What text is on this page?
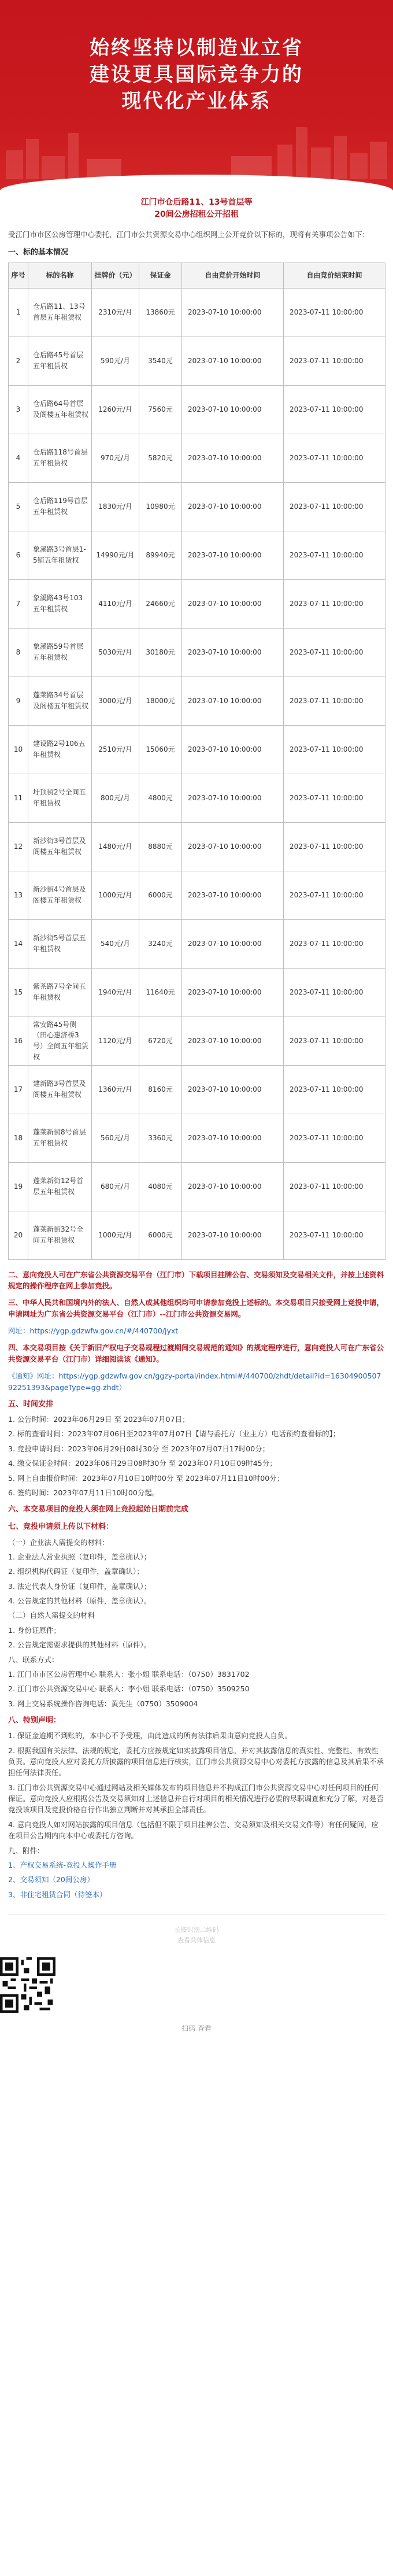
始终坚持以制造业立省
建设更具国际竞争力的
现代化产业体系
江门市仓后路11、13号首层等
20间公房招租公开招租

受江门市市区公房管理中心委托，江门市公共资源交易中心组织网上公开竞价以下标的，现将有关事项公告如下：

一、标的基本情况
序号	标的名称	挂牌价（元）	保证金	自由竞价开始时间	自由竞价结束时间
1	仓后路11、13号首层五年租赁权	2310元/月	13860元	2023-07-10 10:00:00	2023-07-11 10:00:00
2	仓后路45号首层五年租赁权	590元/月	3540元	2023-07-10 10:00:00	2023-07-11 10:00:00
3	仓后路64号首层及阁楼五年租赁权	1260元/月	7560元	2023-07-10 10:00:00	2023-07-11 10:00:00
4	仓后路118号首层五年租赁权	970元/月	5820元	2023-07-10 10:00:00	2023-07-11 10:00:00
5	仓后路119号首层五年租赁权	1830元/月	10980元	2023-07-10 10:00:00	2023-07-11 10:00:00
6	象溪路3号首层1-5铺五年租赁权	14990元/月	89940元	2023-07-10 10:00:00	2023-07-11 10:00:00
7	象溪路43号103五年租赁权	4110元/月	24660元	2023-07-10 10:00:00	2023-07-11 10:00:00
8	象溪路59号首层五年租赁权	5030元/月	30180元	2023-07-10 10:00:00	2023-07-11 10:00:00
9	蓬莱路34号首层及阁楼五年租赁权	3000元/月	18000元	2023-07-10 10:00:00	2023-07-11 10:00:00
10	建设路2号106五年租赁权	2510元/月	15060元	2023-07-10 10:00:00	2023-07-11 10:00:00
11	圩顶街2号全间五年租赁权	800元/月	4800元	2023-07-10 10:00:00	2023-07-11 10:00:00
12	新沙街3号首层及阁楼五年租赁权	1480元/月	8880元	2023-07-10 10:00:00	2023-07-11 10:00:00
13	新沙街4号首层及阁楼五年租赁权	1000元/月	6000元	2023-07-10 10:00:00	2023-07-11 10:00:00
14	新沙街5号首层五年租赁权	540元/月	3240元	2023-07-10 10:00:00	2023-07-11 10:00:00
15	紫茶路7号全间五年租赁权	1940元/月	11640元	2023-07-10 10:00:00	2023-07-11 10:00:00
16	常安路45号侧（田心惠济桥3号）全间五年租赁权	1120元/月	6720元	2023-07-10 10:00:00	2023-07-11 10:00:00
17	建新路3号首层及阁楼五年租赁权	1360元/月	8160元	2023-07-10 10:00:00	2023-07-11 10:00:00
18	蓬莱新街8号首层五年租赁权	560元/月	3360元	2023-07-10 10:00:00	2023-07-11 10:00:00
19	蓬莱新街12号首层五年租赁权	680元/月	4080元	2023-07-10 10:00:00	2023-07-11 10:00:00
20	蓬莱新街32号全间五年租赁权	1000元/月	6000元	2023-07-10 10:00:00	2023-07-11 10:00:00

二、意向竞投人可在广东省公共资源交易平台（江门市）下载项目挂牌公告、交易须知及交易相关文件，并按上述资料规定的操作程序在网上参加竞投。

三、中华人民共和国境内外的法人、自然人或其他组织均可申请参加竞投上述标的。本交易项目只接受网上竞投申请，申请网址为广东省公共资源交易平台（江门市）--江门市公共资源交易网。

网址：https://ygp.gdzwfw.gov.cn/#/440700/jyxt

四、本交易项目按《关于新旧产权电子交易规程过渡期间交易规范的通知》的规定程序进行，意向竞投人可在广东省公共资源交易平台（江门市）详细阅读该《通知》。

《通知》网址：https://ygp.gdzwfw.gov.cn/ggzy-portal/index.html#/440700/zhdt/detail?id=1630490050792251393&pageType=gg-zhdt）

五、时间安排

1. 公告时间：2023年06月29日 至 2023年07月07日；

2. 标的查看时间：2023年07月06日至2023年07月07日【请与委托方（业主方）电话预约查看标的】；

3. 竞投申请时间：2023年06月29日08时30分 至 2023年07月07日17时00分；

4. 缴交保证金时间：2023年06月29日08时30分 至 2023年07月10日09时45分；

5. 网上自由报价时间：2023年07月10日10时00分 至 2023年07月11日10时00分；

6. 签约时间：2023年07月11日10时00分起。

六、本交易项目的竞投人须在网上竞投起始日期前完成
七、竞投申请须上传以下材料：
（一）企业法人需提交的材料：

1. 企业法人营业执照（复印件，盖章确认）；

2. 组织机构代码证（复印件，盖章确认）；

3. 法定代表人身份证（复印件，盖章确认）；

4. 公告规定的其他材料（原件，盖章确认）。

（二）自然人需提交的材料

1. 身份证原件；

2. 公告规定需要求提供的其他材料（原件）。

八、联系方式：

1. 江门市市区公房管理中心 联系人：张小姐 联系电话：（0750）3831702

2. 江门市公共资源交易中心 联系人：李小姐 联系电话：（0750）3509250

3. 网上交易系统操作咨询电话：黄先生（0750）3509004

八、特别声明：

1. 保证金逾期不到账的，本中心不予受理，由此造成的所有法律后果由意向竞投人自负。

2. 根据我国有关法律、法规的规定，委托方应按规定如实披露项目信息，并对其披露信息的真实性、完整性、有效性负责。意向竞投人应对委托方所披露的项目信息进行核实，江门市公共资源交易中心对委托方披露的信息及其后果不承担任何法律责任。

3. 江门市公共资源交易中心通过网站及相关媒体发布的项目信息并不构成江门市公共资源交易中心对任何项目的任何保证。意向竞投人应根据公告及交易须知对上述信息并自行对项目的相关情况进行必要的尽职调查和充分了解，对是否竞投该项目及竞投价格自行作出独立判断并对其承担全部责任。

4. 意向竞投人如对网站披露的项目信息（包括但不限于项目挂牌公告、交易须知及相关交易文件等）有任何疑问，应在项目公告期内向本中心或委托方咨询。

九、附件：

1、产权交易系统-竞投人操作手册

2、交易须知（20间公房）

3、非住宅租赁合同（待签本）

长按识别二维码
查看具体信息
扫码 查看
